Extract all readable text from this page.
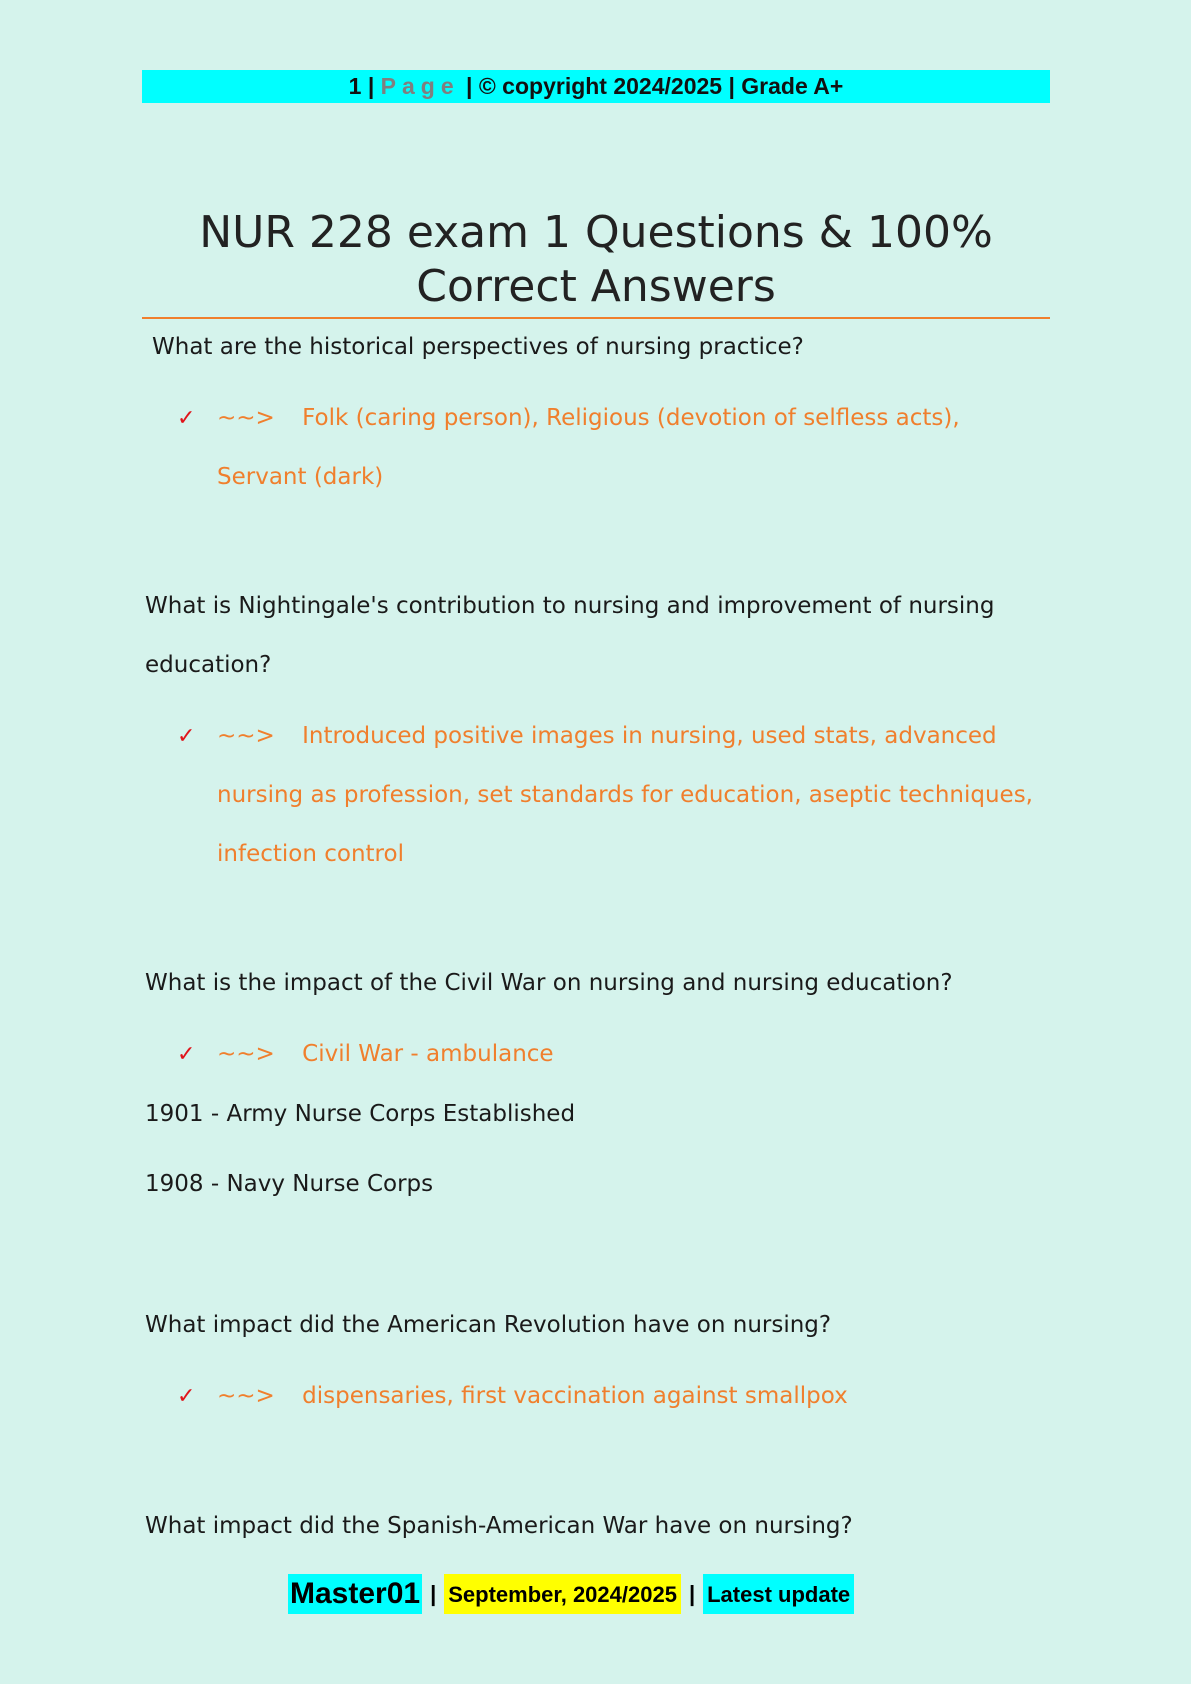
1 | Page | © copyright 2024/2025 | Grade A+
NUR 228 exam 1 Questions & 100%
Correct Answers
What are the historical perspectives of nursing practice?
✓ ~~> Folk (caring person), Religious (devotion of selfless acts), Servant (dark)
What is Nightingale's contribution to nursing and improvement of nursing education?
✓ ~~> Introduced positive images in nursing, used stats, advanced nursing as profession, set standards for education, aseptic techniques, infection control
What is the impact of the Civil War on nursing and nursing education?
✓ ~~> Civil War - ambulance
1901 - Army Nurse Corps Established
1908 - Navy Nurse Corps
What impact did the American Revolution have on nursing?
✓ ~~> dispensaries, first vaccination against smallpox
What impact did the Spanish-American War have on nursing?
Master01 | September, 2024/2025 | Latest update
